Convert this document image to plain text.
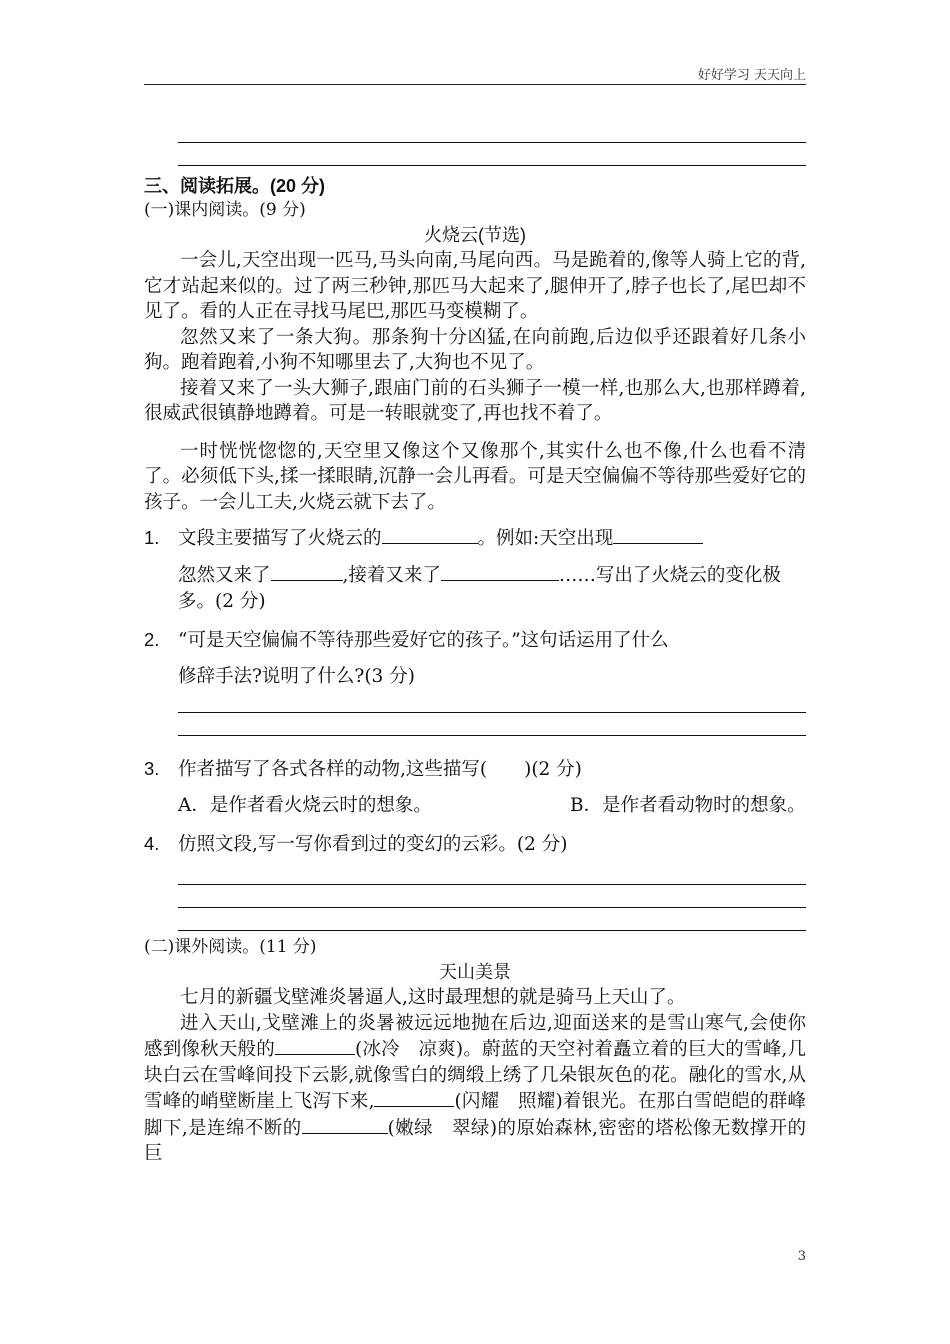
好好学习 天天向上
三、阅读拓展。(20 分)
(一)课内阅读。(9 分)
火烧云(节选)

一会儿,天空出现一匹马,马头向南,马尾向西。马是跪着的,像等人骑上它的背,它才站起来似的。过了两三秒钟,那匹马大起来了,腿伸开了,脖子也长了,尾巴却不见了。看的人正在寻找马尾巴,那匹马变模糊了。

忽然又来了一条大狗。那条狗十分凶猛,在向前跑,后边似乎还跟着好几条小狗。跑着跑着,小狗不知哪里去了,大狗也不见了。

接着又来了一头大狮子,跟庙门前的石头狮子一模一样,也那么大,也那样蹲着,很威武很镇静地蹲着。可是一转眼就变了,再也找不着了。

一时恍恍惚惚的,天空里又像这个又像那个,其实什么也不像,什么也看不清了。必须低下头,揉一揉眼睛,沉静一会儿再看。可是天空偏偏不等待那些爱好它的孩子。一会儿工夫,火烧云就下去了。

1. 文段主要描写了火烧云的	。例如:天空出现
忽然又来了	,接着又来了	……写出了火烧云的变化极多。(2 分)
2. “可是天空偏偏不等待那些爱好它的孩子。”这句话运用了什么
修辞手法?说明了什么?(3 分)
3. 作者描写了各式各样的动物,这些描写(　　)(2 分)
A．是作者看火烧云时的想象。	B．是作者看动物时的想象。
4. 仿照文段,写一写你看到过的变幻的云彩。(2 分)
(二)课外阅读。(11 分)
天山美景

七月的新疆戈壁滩炎暑逼人,这时最理想的就是骑马上天山了。

进入天山,戈壁滩上的炎暑被远远地抛在后边,迎面送来的是雪山寒气,会使你感到像秋天般的	(冰冷　凉爽)。蔚蓝的天空衬着矗立着的巨大的雪峰,几块白云在雪峰间投下云影,就像雪白的绸缎上绣了几朵银灰色的花。融化的雪水,从雪峰的峭壁断崖上飞泻下来,	(闪耀　照耀)着银光。在那白雪皑皑的群峰脚下,是连绵不断的	(嫩绿　翠绿)的原始森林,密密的塔松像无数撑开的巨

3
